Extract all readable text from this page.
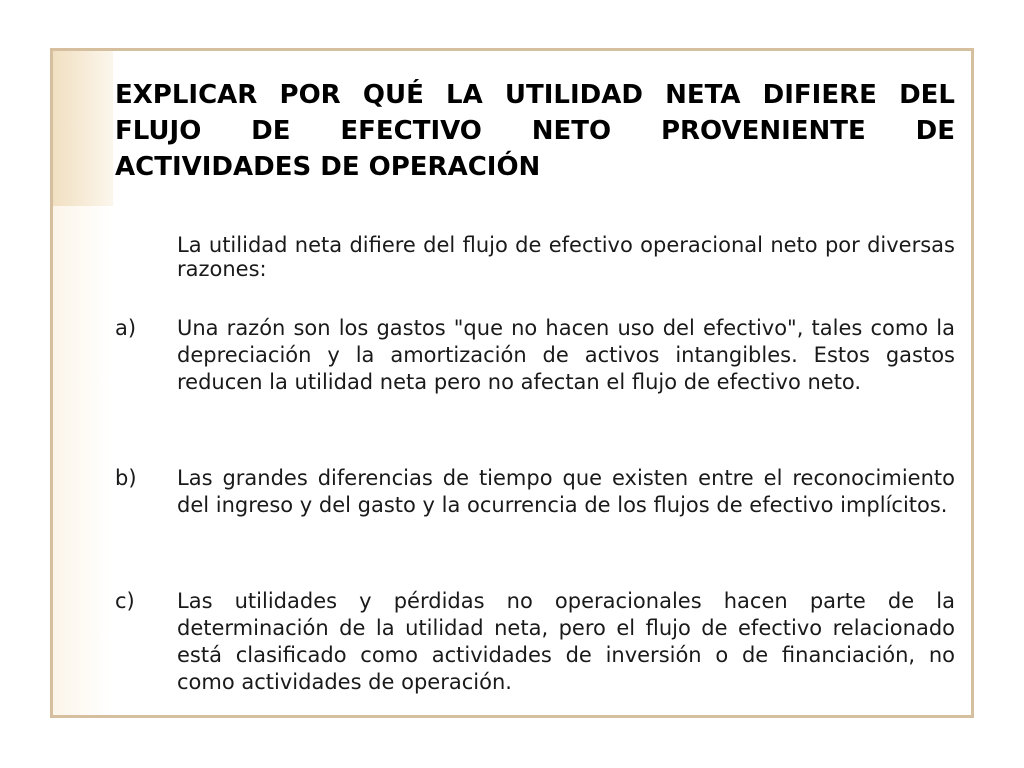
EXPLICAR POR QUÉ LA UTILIDAD NETA DIFIERE DEL FLUJO DE EFECTIVO NETO PROVENIENTE DE ACTIVIDADES DE OPERACIÓN

La utilidad neta difiere del flujo de efectivo operacional neto por diversas razones:

a)	Una razón son los gastos "que no hacen uso del efectivo", tales como la depreciación y la amortización de activos intangibles. Estos gastos reducen la utilidad neta pero no afectan el flujo de efectivo neto.
b)	Las grandes diferencias de tiempo que existen entre el reconocimiento del ingreso y del gasto y la ocurrencia de los flujos de efectivo implícitos.
c)	Las utilidades y pérdidas no operacionales hacen parte de la determinación de la utilidad neta, pero el flujo de efectivo relacionado está clasificado como actividades de inversión o de financiación, no como actividades de operación.
